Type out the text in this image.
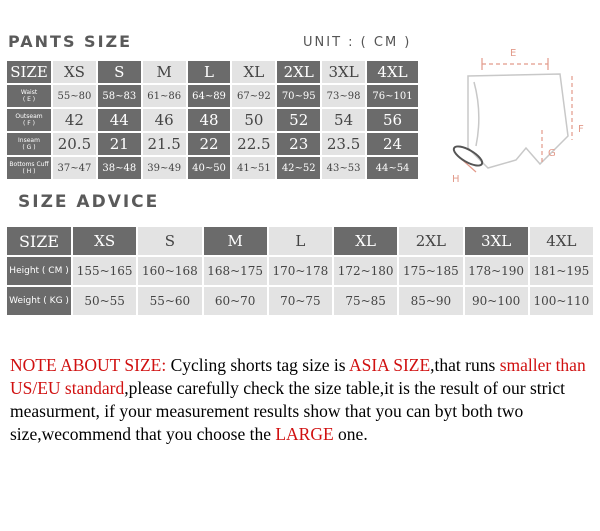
PANTS SIZE	UNIT : ( CM )
SIZE	XS	S	M	L	XL	2XL	3XL	4XL
Waist
( E )	55~80	58~83	61~86	64~89	67~92	70~95	73~98	76~101
Outseam
( F )	42	44	46	48	50	52	54	56
Inseam
( G )	20.5	21	21.5	22	22.5	23	23.5	24
Bottoms Cuff
( H )	37~47	38~48	39~49	40~50	41~51	42~52	43~53	44~54
E
F
G
H
SIZE ADVICE
SIZE	XS	S	M	L	XL	2XL	3XL	4XL
Height ( CM )	155~165	160~168	168~175	170~178	172~180	175~185	178~190	181~195
Weight ( KG )	50~55	55~60	60~70	70~75	75~85	85~90	90~100	100~110
NOTE ABOUT SIZE: Cycling shorts tag size is ASIA SIZE,that runs smaller than US/EU standard,please carefully check the size table,it is the result of our strict measurment, if your measurement results show that you can byt both two size,wecommend that you choose the LARGE one.
